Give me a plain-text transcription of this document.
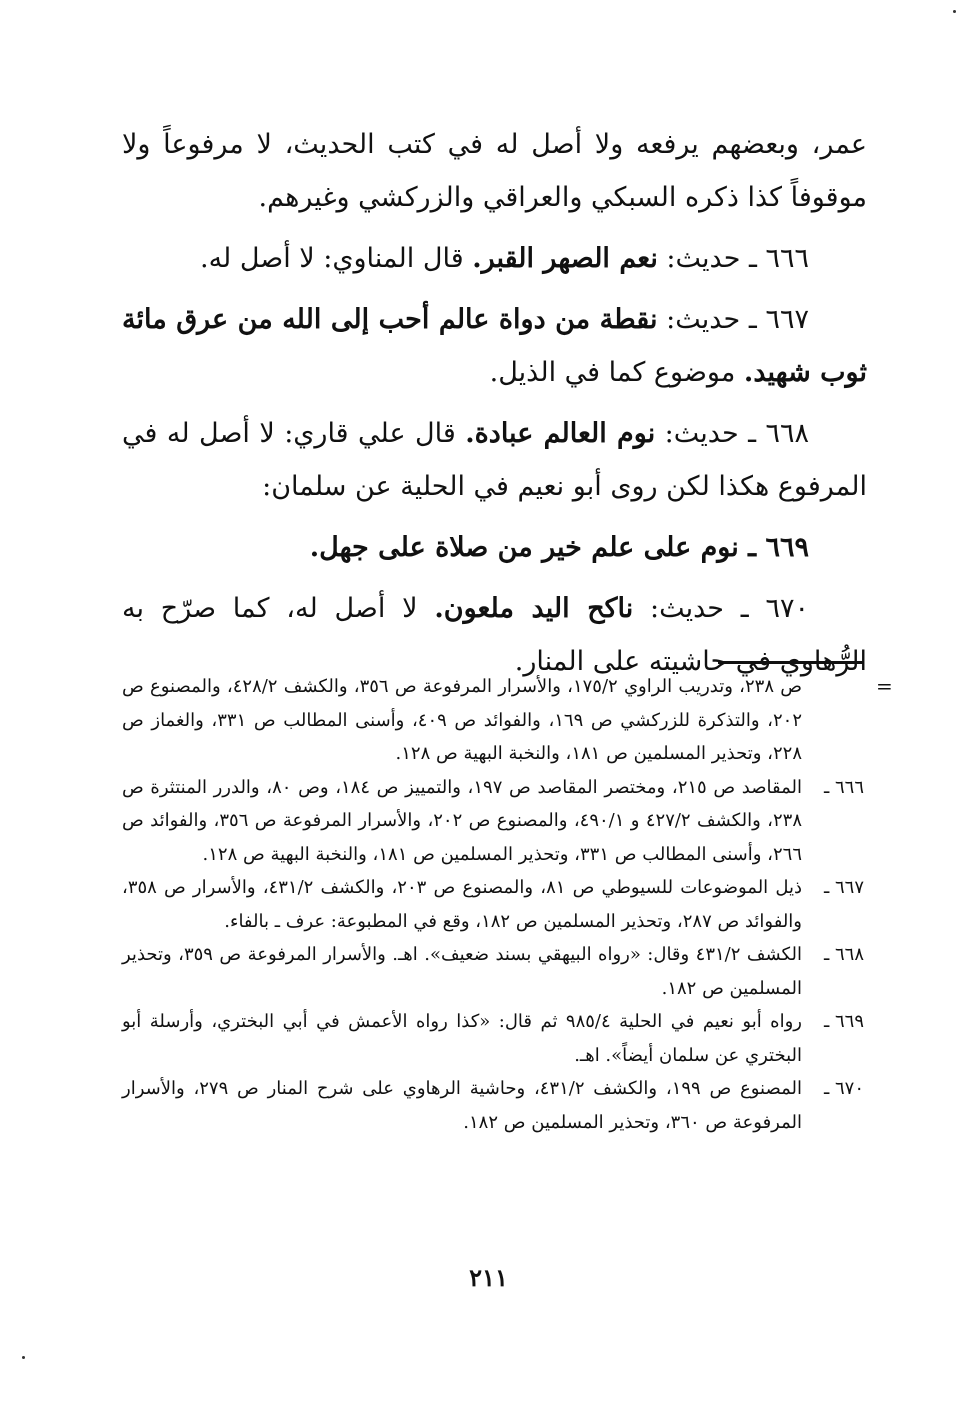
عمر، وبعضهم يرفعه ولا أصل له في كتب الحديث، لا مرفوعاً ولا موقوفاً كذا ذكره السبكي والعراقي والزركشي وغيرهم.

٦٦٦ ـ حديث: نعم الصهر القبر. قال المناوي: لا أصل له.

٦٦٧ ـ حديث: نقطة من دواة عالم أحب إلى الله من عرق مائة ثوب شهيد. موضوع كما في الذيل.

٦٦٨ ـ حديث: نوم العالم عبادة. قال علي قاري: لا أصل له في المرفوع هكذا لكن روى أبو نعيم في الحلية عن سلمان:

٦٦٩ ـ نوم على علم خير من صلاة على جهل.

٦٧٠ ـ حديث: ناكح اليد ملعون. لا أصل له، كما صرّح به الرُّهاوي في حاشيته على المنار.

=
ص ٢٣٨، وتدريب الراوي ١٧٥/٢، والأسرار المرفوعة ص ٣٥٦، والكشف ٤٢٨/٢، والمصنوع ص ٢٠٢، والتذكرة للزركشي ص ١٦٩، والفوائد ص ٤٠٩، وأسنى المطالب ص ٣٣١، والغماز ص ٢٢٨، وتحذير المسلمين ص ١٨١، والنخبة البهية ص ١٢٨.
٦٦٦ ـ
المقاصد ص ٢١٥، ومختصر المقاصد ص ١٩٧، والتمييز ص ١٨٤، وص ٨٠، والدرر المنتثرة ص ٢٣٨، والكشف ٤٢٧/٢ و ٤٩٠/١، والمصنوع ص ٢٠٢، والأسرار المرفوعة ص ٣٥٦، والفوائد ص ٢٦٦، وأسنى المطالب ص ٣٣١، وتحذير المسلمين ص ١٨١، والنخبة البهية ص ١٢٨.
٦٦٧ ـ
ذيل الموضوعات للسيوطي ص ٨١، والمصنوع ص ٢٠٣، والكشف ٤٣١/٢، والأسرار ص ٣٥٨، والفوائد ص ٢٨٧، وتحذير المسلمين ص ١٨٢، وقع في المطبوعة: عرف ـ بالفاء.
٦٦٨ ـ
الكشف ٤٣١/٢ وقال: «رواه البيهقي بسند ضعيف». اهـ. والأسرار المرفوعة ص ٣٥٩، وتحذير المسلمين ص ١٨٢.
٦٦٩ ـ
رواه أبو نعيم في الحلية ٩٨٥/٤ ثم قال: «كذا رواه الأعمش في أبي البختري، وأرسلة أبو البختري عن سلمان أيضاً». اهـ.
٦٧٠ ـ
المصنوع ص ١٩٩، والكشف ٤٣١/٢، وحاشية الرهاوي على شرح المنار ص ٢٧٩، والأسرار المرفوعة ص ٣٦٠، وتحذير المسلمين ص ١٨٢.
٢١١
